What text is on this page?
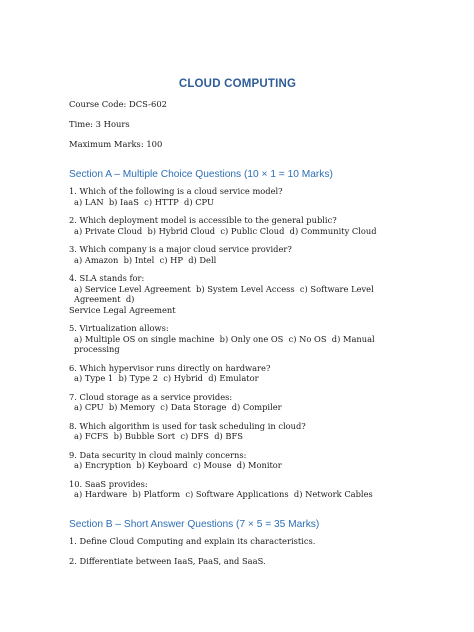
CLOUD COMPUTING
Course Code: DCS-602
Time: 3 Hours
Maximum Marks: 100
Section A – Multiple Choice Questions (10 × 1 = 10 Marks)
1. Which of the following is a cloud service model?
a) LAN  b) IaaS  c) HTTP  d) CPU
2. Which deployment model is accessible to the general public?
a) Private Cloud  b) Hybrid Cloud  c) Public Cloud  d) Community Cloud
3. Which company is a major cloud service provider?
a) Amazon  b) Intel  c) HP  d) Dell
4. SLA stands for:
a) Service Level Agreement  b) System Level Access  c) Software Level Agreement  d)
Service Legal Agreement
5. Virtualization allows:
a) Multiple OS on single machine  b) Only one OS  c) No OS  d) Manual processing
6. Which hypervisor runs directly on hardware?
a) Type 1  b) Type 2  c) Hybrid  d) Emulator
7. Cloud storage as a service provides:
a) CPU  b) Memory  c) Data Storage  d) Compiler
8. Which algorithm is used for task scheduling in cloud?
a) FCFS  b) Bubble Sort  c) DFS  d) BFS
9. Data security in cloud mainly concerns:
a) Encryption  b) Keyboard  c) Mouse  d) Monitor
10. SaaS provides:
a) Hardware  b) Platform  c) Software Applications  d) Network Cables
Section B – Short Answer Questions (7 × 5 = 35 Marks)
1. Define Cloud Computing and explain its characteristics.
2. Differentiate between IaaS, PaaS, and SaaS.
